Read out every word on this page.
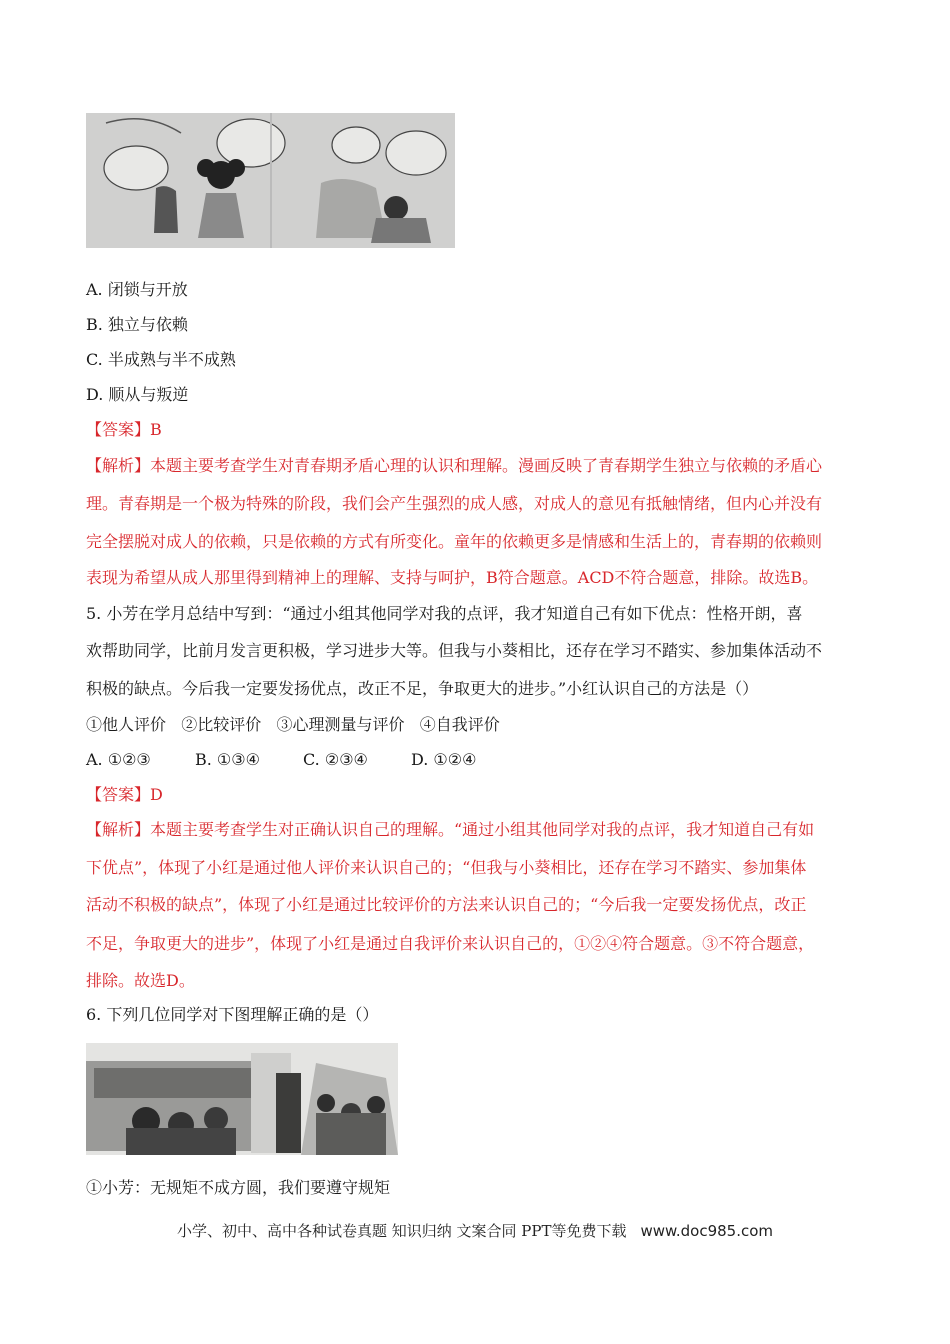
A. 闭锁与开放
B. 独立与依赖
C. 半成熟与半不成熟
D. 顺从与叛逆
【答案】B
【解析】本题主要考查学生对青春期矛盾心理的认识和理解。漫画反映了青春期学生独立与依赖的矛盾心
理。青春期是一个极为特殊的阶段，我们会产生强烈的成人感，对成人的意见有抵触情绪，但内心并没有
完全摆脱对成人的依赖，只是依赖的方式有所变化。童年的依赖更多是情感和生活上的，青春期的依赖则
表现为希望从成人那里得到精神上的理解、支持与呵护，B符合题意。ACD不符合题意，排除。故选B。
5. 小芳在学月总结中写到：“通过小组其他同学对我的点评，我才知道自己有如下优点：性格开朗，喜
欢帮助同学，比前月发言更积极，学习进步大等。但我与小葵相比，还存在学习不踏实、参加集体活动不
积极的缺点。今后我一定要发扬优点，改正不足，争取更大的进步。”小红认识自己的方法是（）
①他人评价   ②比较评价   ③心理测量与评价   ④自我评价
A. ①②③	B. ①③④	C. ②③④	D. ①②④
【答案】D
【解析】本题主要考查学生对正确认识自己的理解。“通过小组其他同学对我的点评，我才知道自己有如
下优点”，体现了小红是通过他人评价来认识自己的；“但我与小葵相比，还存在学习不踏实、参加集体
活动不积极的缺点”，体现了小红是通过比较评价的方法来认识自己的；“今后我一定要发扬优点，改正
不足，争取更大的进步”，体现了小红是通过自我评价来认识自己的，①②④符合题意。③不符合题意，
排除。故选D。
6. 下列几位同学对下图理解正确的是（）
①小芳：无规矩不成方圆，我们要遵守规矩
小学、初中、高中各种试卷真题 知识归纳 文案合同 PPT等免费下载 www.doc985.com
